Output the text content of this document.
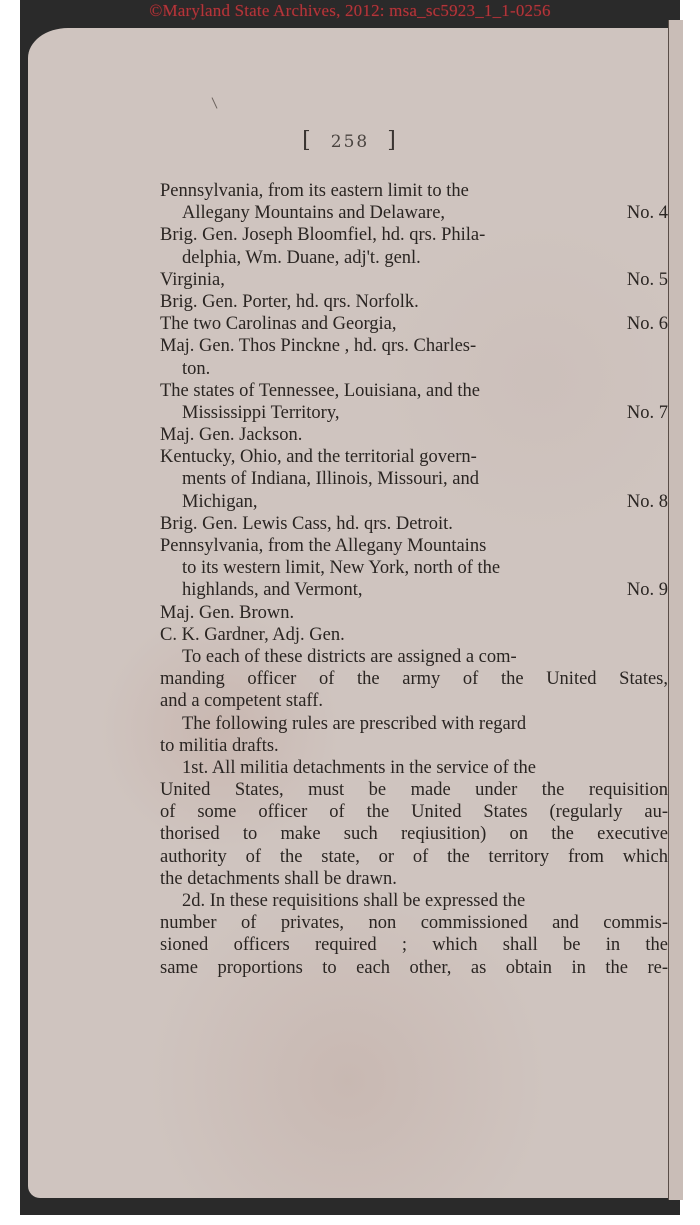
©Maryland State Archives, 2012: msa_sc5923_1_1-0256
[ 258 ]
Pennsylvania, from its eastern limit to the
Allegany Mountains and Delaware,	No. 4
Brig. Gen. Joseph Bloomfiel, hd. qrs. Phila-
delphia, Wm. Duane, adj't. genl.
Virginia,	No. 5
Brig. Gen. Porter, hd. qrs. Norfolk.
The two Carolinas and Georgia,	No. 6
Maj. Gen. Thos Pinckne , hd. qrs. Charles-
ton.
The states of Tennessee, Louisiana, and the
Mississippi Territory,	No. 7
Maj. Gen. Jackson.
Kentucky, Ohio, and the territorial govern-
ments of Indiana, Illinois, Missouri, and
Michigan,	No. 8
Brig. Gen. Lewis Cass, hd. qrs. Detroit.
Pennsylvania, from the Allegany Mountains
to its western limit, New York, north of the
highlands, and Vermont,	No. 9
Maj. Gen. Brown.
C. K. Gardner, Adj. Gen.
To each of these districts are assigned a com-
manding officer of the army of the United States,
and a competent staff.
The following rules are prescribed with regard
to militia drafts.
1st. All militia detachments in the service of the
United States, must be made under the requisition
of some officer of the United States (regularly au-
thorised to make such reqiusition) on the executive
authority of the state, or of the territory from which
the detachments shall be drawn.
2d. In these requisitions shall be expressed the
number of privates, non commissioned and commis-
sioned officers required ; which shall be in the
same proportions to each other, as obtain in the re-
